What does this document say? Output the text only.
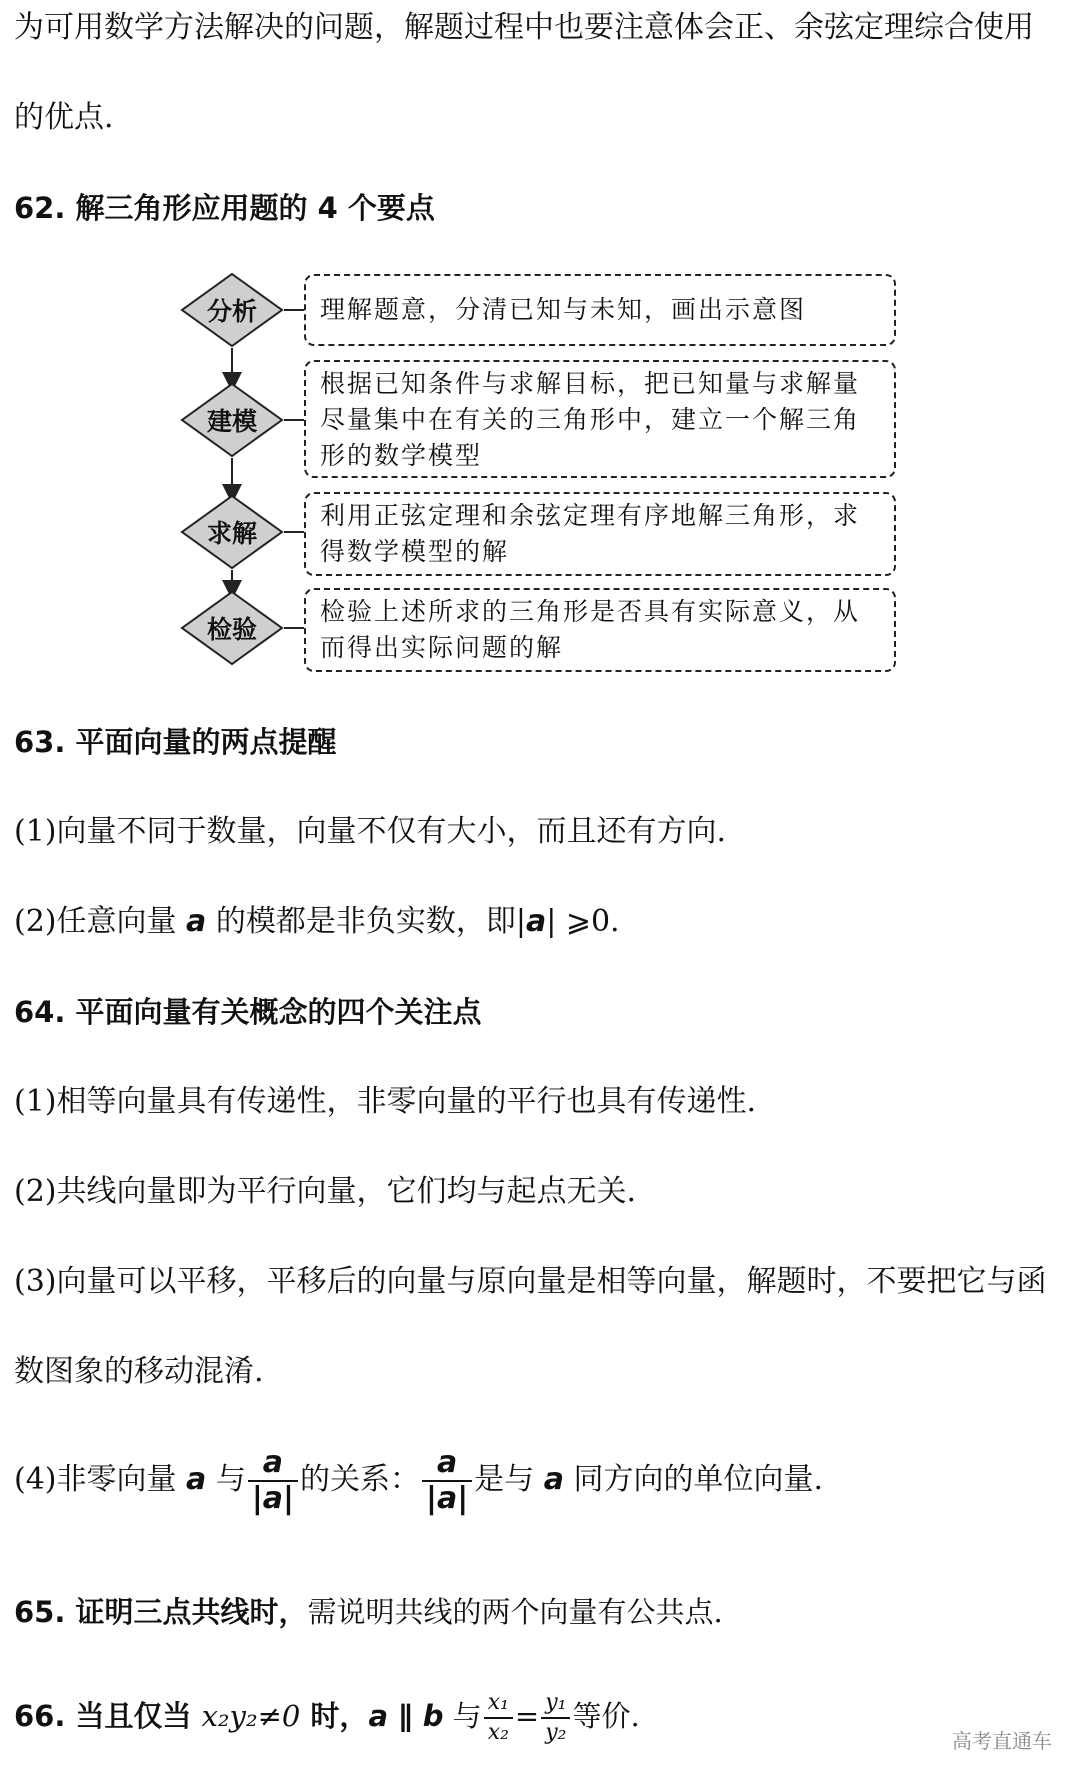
为可用数学方法解决的问题，解题过程中也要注意体会正、余弦定理综合使用
的优点.
62. 解三角形应用题的 4 个要点
分析	理解题意，分清已知与未知，画出示意图
建模
根据已知条件与求解目标，把已知量与求解量尽量集中在有关的三角形中，建立一个解三角形的数学模型
求解
利用正弦定理和余弦定理有序地解三角形，求得数学模型的解
检验
检验上述所求的三角形是否具有实际意义，从而得出实际问题的解
63. 平面向量的两点提醒
(1)向量不同于数量，向量不仅有大小，而且还有方向.
(2)任意向量 a 的模都是非负实数，即|a| ⩾0.
64. 平面向量有关概念的四个关注点
(1)相等向量具有传递性，非零向量的平行也具有传递性.
(2)共线向量即为平行向量，它们均与起点无关.
(3)向量可以平移，平移后的向量与原向量是相等向量，解题时，不要把它与函
数图象的移动混淆.
(4)非零向量 a 与 $\frac{a}{|a|}$ 的关系： $\frac{a}{|a|}$ 是与 a 同方向的单位向量.
65. 证明三点共线时，需说明共线的两个向量有公共点.
66. 当且仅当 x₂y₂≠0 时，a ∥ b 与 $\frac{\text{x₁}}{\text{x₂}} = \frac{\text{y₁}}{\text{y₂}}$ 等价.
高考直通车
